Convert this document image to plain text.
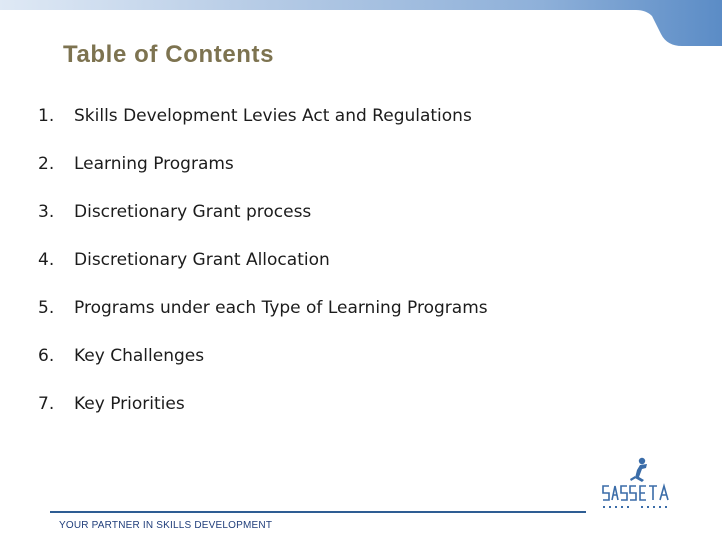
Table of Contents
1.	Skills Development Levies Act and Regulations
2.	Learning Programs
3.	Discretionary Grant process
4.	Discretionary Grant Allocation
5.	Programs under each Type of Learning Programs
6.	Key Challenges
7.	Key Priorities
YOUR PARTNER IN SKILLS DEVELOPMENT
